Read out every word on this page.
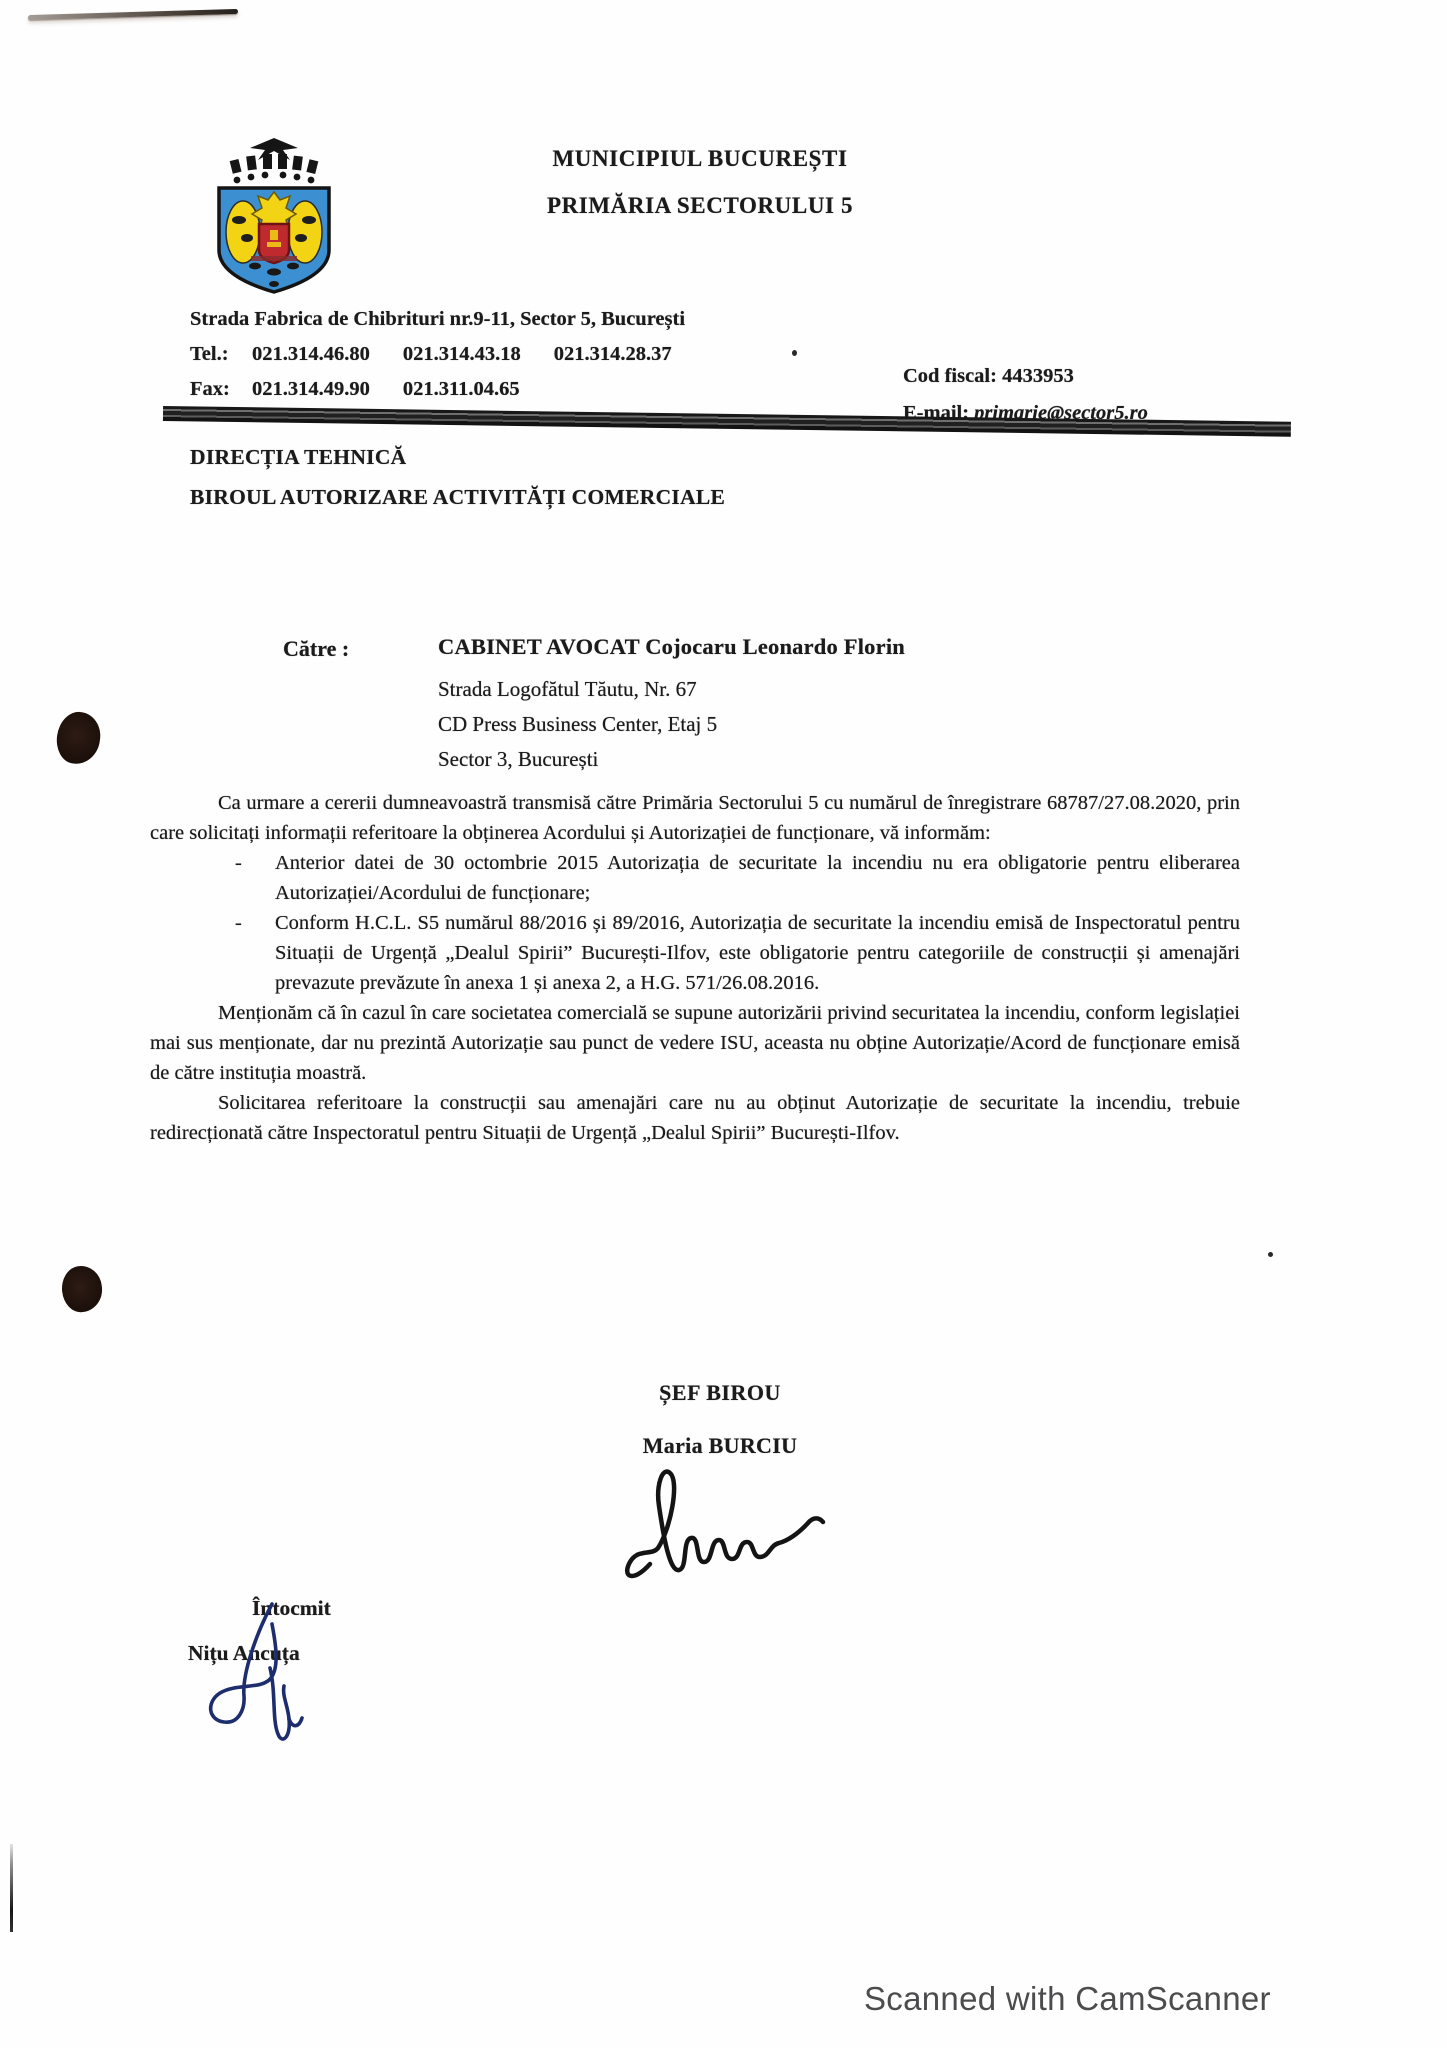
MUNICIPIUL BUCUREȘTI
PRIMĂRIA SECTORULUI 5
Strada Fabrica de Chibrituri nr.9-11, Sector 5, București
Tel.:	021.314.46.80 021.314.43.18 021.314.28.37
Fax:	021.314.49.90 021.311.04.65
Cod fiscal: 4433953
E-mail: primarie@sector5.ro
DIRECȚIA TEHNICĂ
BIROUL AUTORIZARE ACTIVITĂȚI COMERCIALE
Către :	CABINET AVOCAT Cojocaru Leonardo Florin
Strada Logofătul Tăutu, Nr. 67
CD Press Business Center, Etaj 5
Sector 3, București

Ca urmare a cererii dumneavoastră transmisă către Primăria Sectorului 5 cu numărul de înregistrare 68787/27.08.2020, prin care solicitați informații referitoare la obținerea Acordului și Autorizației de funcționare, vă informăm:

- Anterior datei de 30 octombrie 2015 Autorizația de securitate la incendiu nu era obligatorie pentru eliberarea Autorizației/Acordului de funcționare;
- Conform H.C.L. S5 numărul 88/2016 și 89/2016, Autorizația de securitate la incendiu emisă de Inspectoratul pentru Situații de Urgență „Dealul Spirii” București-Ilfov, este obligatorie pentru categoriile de construcții și amenajări prevazute prevăzute în anexa 1 și anexa 2, a H.G. 571/26.08.2016.

Menționăm că în cazul în care societatea comercială se supune autorizării privind securitatea la incendiu, conform legislației mai sus menționate, dar nu prezintă Autorizație sau punct de vedere ISU, aceasta nu obține Autorizație/Acord de funcționare emisă de către instituția moastră.

Solicitarea referitoare la construcții sau amenajări care nu au obținut Autorizație de securitate la incendiu, trebuie redirecționată către Inspectoratul pentru Situații de Urgență „Dealul Spirii” București-Ilfov.

ȘEF BIROU
Maria BURCIU
Întocmit
Nițu Ancuța
Scanned with CamScanner
